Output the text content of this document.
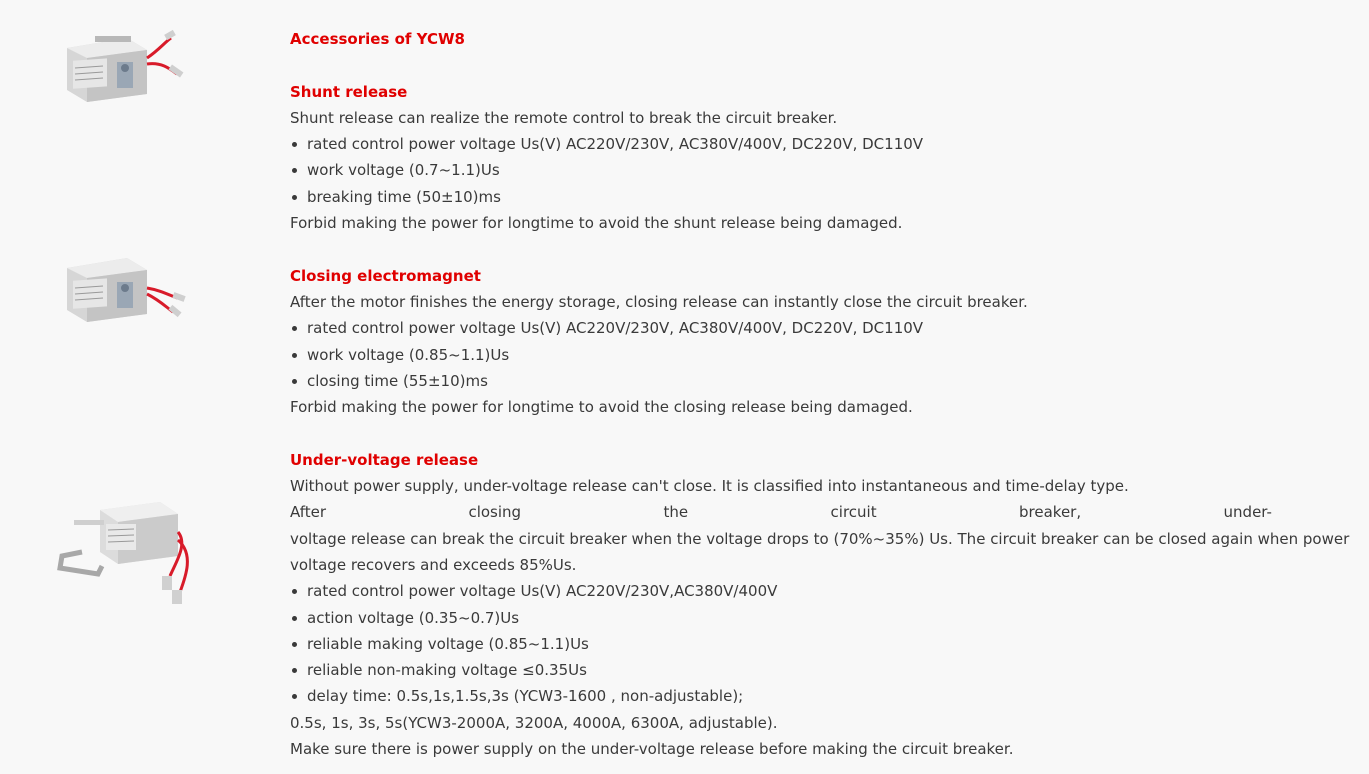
Accessories of YCW8
Shunt release
Shunt release can realize the remote control to break the circuit breaker.
rated control power voltage Us(V) AC220V/230V, AC380V/400V, DC220V, DC110V
work voltage (0.7~1.1)Us
breaking time (50±10)ms
Forbid making the power for longtime to avoid the shunt release being damaged.
Closing electromagnet
After the motor finishes the energy storage, closing release can instantly close the circuit breaker.
rated control power voltage Us(V) AC220V/230V, AC380V/400V, DC220V, DC110V
work voltage (0.85~1.1)Us
closing time (55±10)ms
Forbid making the power for longtime to avoid the closing release being damaged.
Under-voltage release
Without power supply, under-voltage release can't close. It is classified into instantaneous and time-delay type.
After	closing	the	circuit	breaker,	under-
voltage release can break the circuit breaker when the voltage drops to (70%~35%) Us. The circuit breaker can be closed again when power voltage recovers and exceeds 85%Us.
rated control power voltage Us(V) AC220V/230V,AC380V/400V
action voltage (0.35~0.7)Us
reliable making voltage (0.85~1.1)Us
reliable non-making voltage ≤0.35Us
delay time: 0.5s,1s,1.5s,3s (YCW3-1600 , non-adjustable);
0.5s, 1s, 3s, 5s(YCW3-2000A, 3200A, 4000A, 6300A, adjustable).
Make sure there is power supply on the under-voltage release before making the circuit breaker.
